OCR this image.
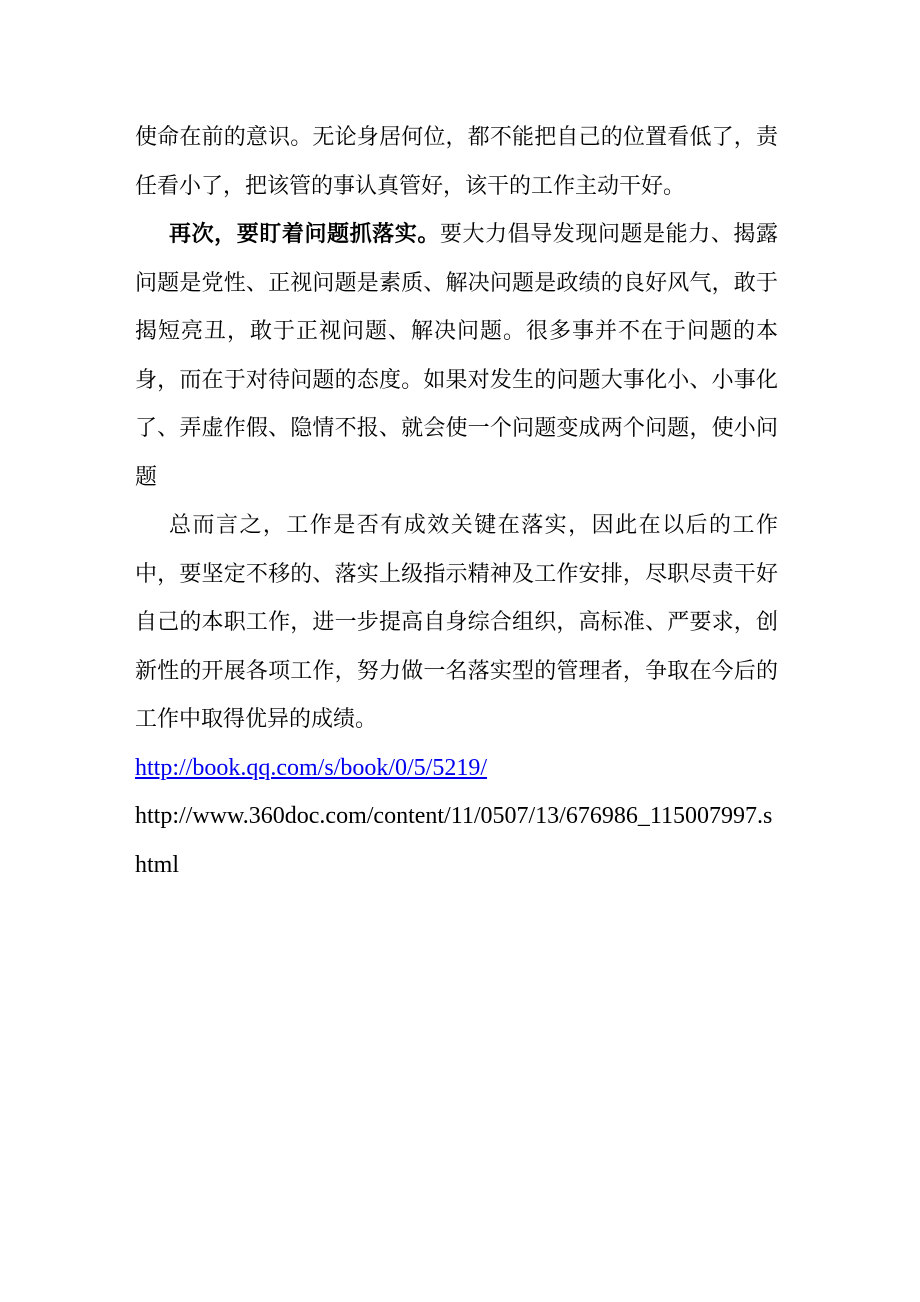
使命在前的意识。无论身居何位，都不能把自己的位置看低了，责任看小了，把该管的事认真管好，该干的工作主动干好。

再次，要盯着问题抓落实。要大力倡导发现问题是能力、揭露问题是党性、正视问题是素质、解决问题是政绩的良好风气，敢于揭短亮丑，敢于正视问题、解决问题。很多事并不在于问题的本身，而在于对待问题的态度。如果对发生的问题大事化小、小事化了、弄虚作假、隐情不报、就会使一个问题变成两个问题，使小问题

总而言之，工作是否有成效关键在落实，因此在以后的工作中，要坚定不移的、落实上级指示精神及工作安排，尽职尽责干好自己的本职工作，进一步提高自身综合组织，高标准、严要求，创新性的开展各项工作，努力做一名落实型的管理者，争取在今后的工作中取得优异的成绩。

http://book.qq.com/s/book/0/5/5219/

http://www.360doc.com/content/11/0507/13/676986_115007997.shtml
